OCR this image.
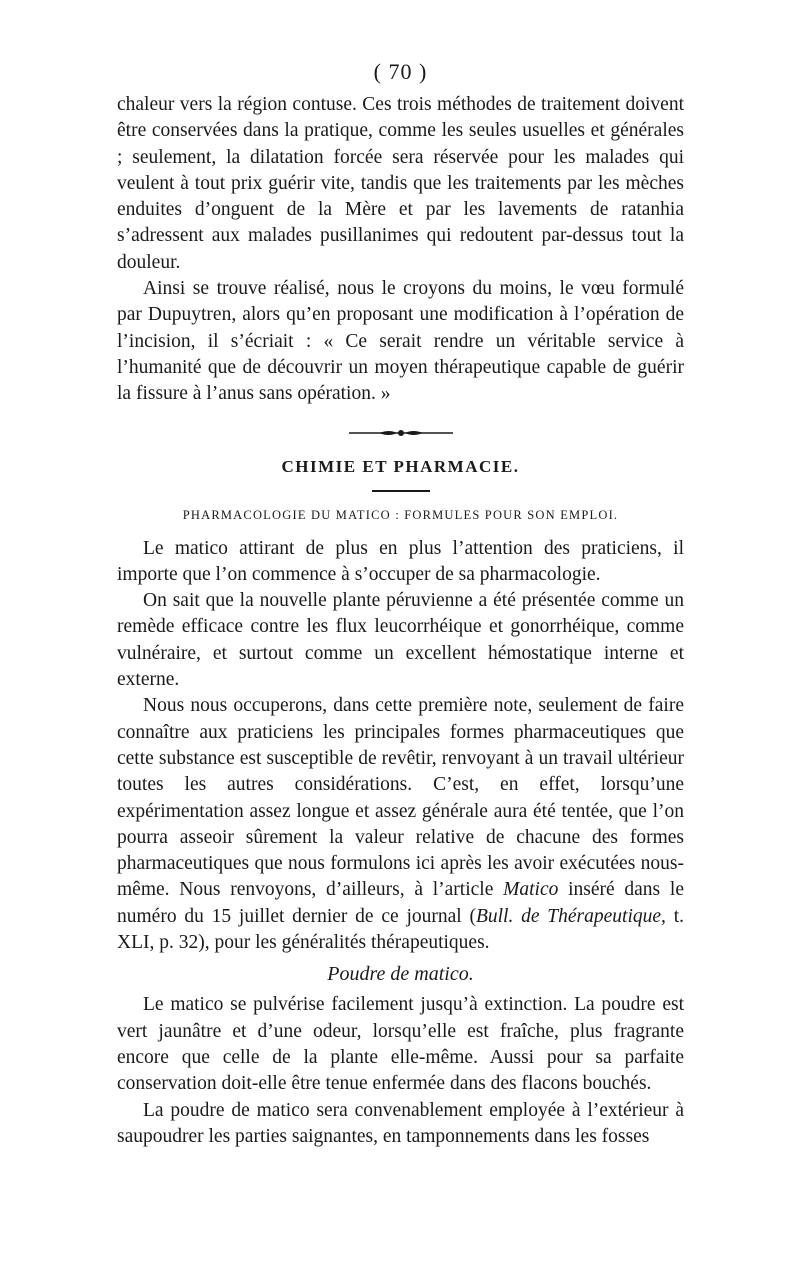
( 70 )

chaleur vers la région contuse. Ces trois méthodes de traitement doivent être conservées dans la pratique, comme les seules usuelles et générales ; seulement, la dilatation forcée sera réservée pour les malades qui veulent à tout prix guérir vite, tandis que les traitements par les mèches enduites d’onguent de la Mère et par les lavements de ratanhia s’adressent aux malades pusillanimes qui redoutent par-dessus tout la douleur.

Ainsi se trouve réalisé, nous le croyons du moins, le vœu formulé par Dupuytren, alors qu’en proposant une modification à l’opération de l’incision, il s’écriait : « Ce serait rendre un véritable service à l’humanité que de découvrir un moyen thérapeutique capable de guérir la fissure à l’anus sans opération. »

CHIMIE ET PHARMACIE.
PHARMACOLOGIE DU MATICO : FORMULES POUR SON EMPLOI.

Le matico attirant de plus en plus l’attention des praticiens, il importe que l’on commence à s’occuper de sa pharmacologie.

On sait que la nouvelle plante péruvienne a été présentée comme un remède efficace contre les flux leucorrhéique et gonorrhéique, comme vulnéraire, et surtout comme un excellent hémostatique interne et externe.

Nous nous occuperons, dans cette première note, seulement de faire connaître aux praticiens les principales formes pharmaceutiques que cette substance est susceptible de revêtir, renvoyant à un travail ultérieur toutes les autres considérations. C’est, en effet, lorsqu’une expérimentation assez longue et assez générale aura été tentée, que l’on pourra asseoir sûrement la valeur relative de chacune des formes pharmaceutiques que nous formulons ici après les avoir exécutées nous-même. Nous renvoyons, d’ailleurs, à l’article Matico inséré dans le numéro du 15 juillet dernier de ce journal (Bull. de Thérapeutique, t. XLI, p. 32), pour les généralités thérapeutiques.

Poudre de matico.

Le matico se pulvérise facilement jusqu’à extinction. La poudre est vert jaunâtre et d’une odeur, lorsqu’elle est fraîche, plus fragrante encore que celle de la plante elle-même. Aussi pour sa parfaite conservation doit-elle être tenue enfermée dans des flacons bouchés.

La poudre de matico sera convenablement employée à l’extérieur à saupoudrer les parties saignantes, en tamponnements dans les fosses
